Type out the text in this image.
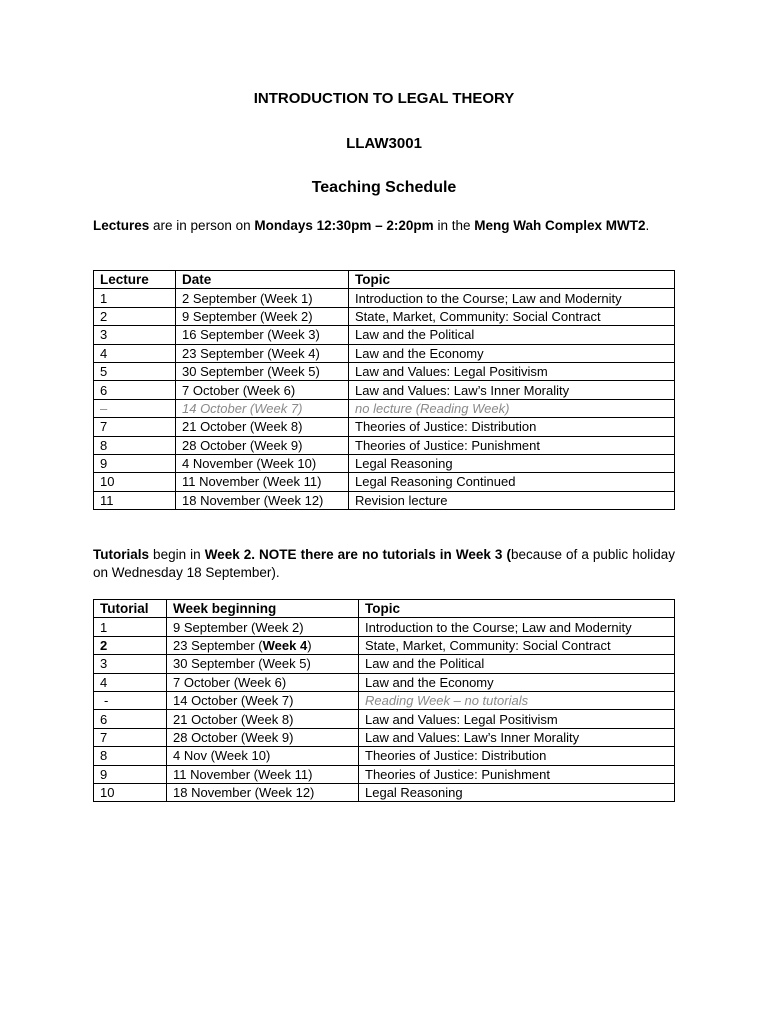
INTRODUCTION TO LEGAL THEORY
LLAW3001
Teaching Schedule
Lectures are in person on Mondays 12:30pm – 2:20pm in the Meng Wah Complex MWT2.
Lecture	Date	Topic
1	2 September (Week 1)	Introduction to the Course; Law and Modernity
2	9 September (Week 2)	State, Market, Community: Social Contract
3	16 September (Week 3)	Law and the Political
4	23 September (Week 4)	Law and the Economy
5	30 September (Week 5)	Law and Values: Legal Positivism
6	7 October (Week 6)	Law and Values: Law’s Inner Morality
–	14 October (Week 7)	no lecture (Reading Week)
7	21 October (Week 8)	Theories of Justice: Distribution
8	28 October (Week 9)	Theories of Justice: Punishment
9	4 November (Week 10)	Legal Reasoning
10	11 November (Week 11)	Legal Reasoning Continued
11	18 November (Week 12)	Revision lecture
Tutorials begin in Week 2. NOTE there are no tutorials in Week 3 (because of a public holiday on Wednesday 18 September).
Tutorial	Week beginning	Topic
1	9 September (Week 2)	Introduction to the Course; Law and Modernity
2	23 September (Week 4)	State, Market, Community: Social Contract
3	30 September (Week 5)	Law and the Political
4	7 October (Week 6)	Law and the Economy
-	14 October (Week 7)	Reading Week – no tutorials
6	21 October (Week 8)	Law and Values: Legal Positivism
7	28 October (Week 9)	Law and Values: Law’s Inner Morality
8	4 Nov (Week 10)	Theories of Justice: Distribution
9	11 November (Week 11)	Theories of Justice: Punishment
10	18 November (Week 12)	Legal Reasoning
